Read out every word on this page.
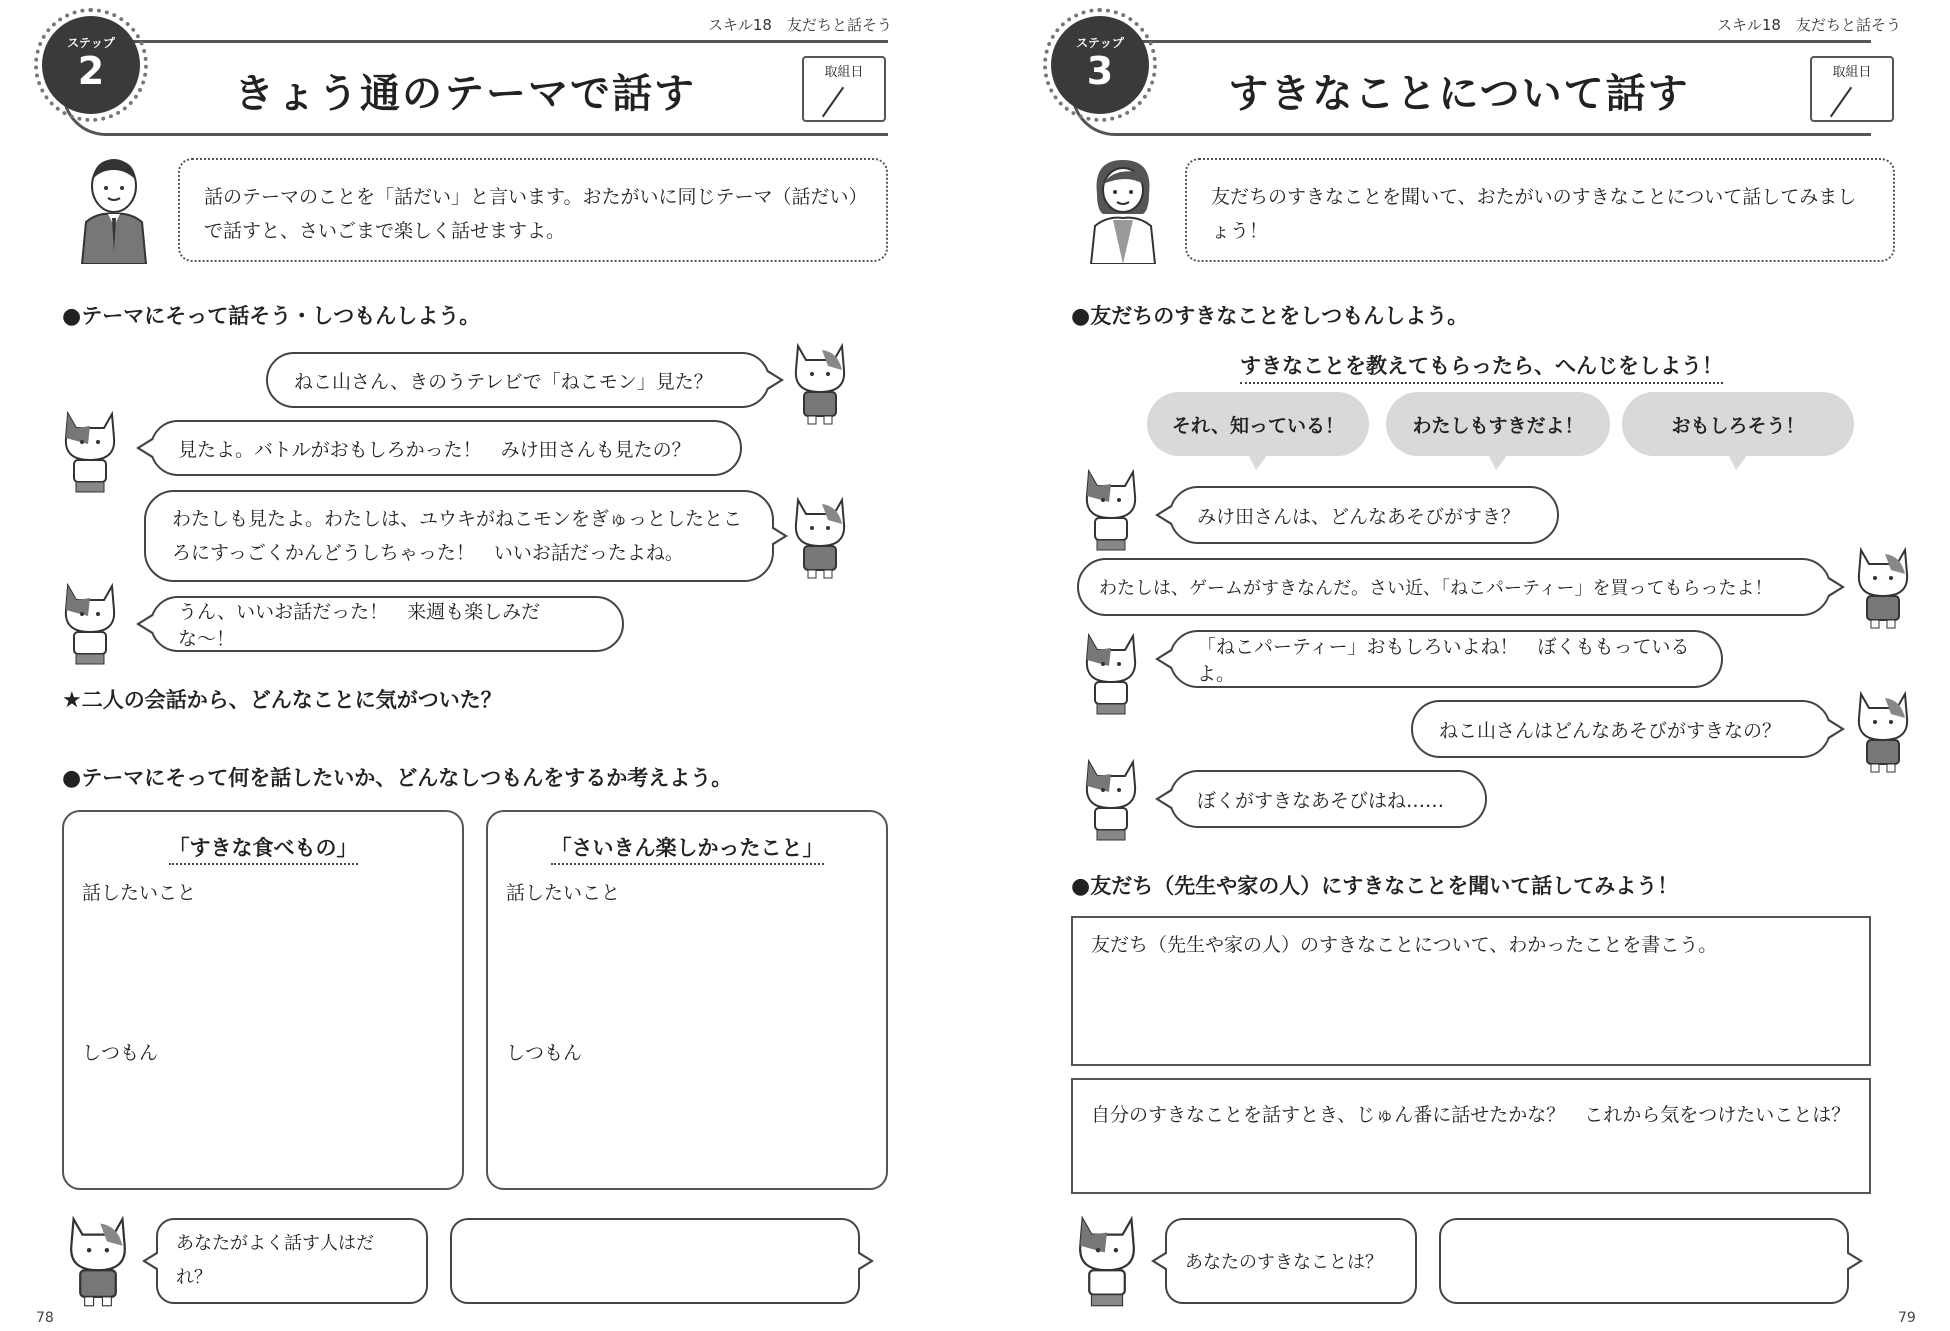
スキル18　友だちと話そう
ステップ
2	きょう通のテーマで話す	取組日
話のテーマのことを「話だい」と言います。おたがいに同じテーマ（話だい）で話すと、さいごまで楽しく話せますよ。
●テーマにそって話そう・しつもんしよう。
ねこ山さん、きのうテレビで「ねこモン」見た？
見たよ。バトルがおもしろかった！　みけ田さんも見たの？
わたしも見たよ。わたしは、ユウキがねこモンをぎゅっとしたところにすっごくかんどうしちゃった！　いいお話だったよね。
うん、いいお話だった！　来週も楽しみだな〜！
★二人の会話から、どんなことに気がついた？
●テーマにそって何を話したいか、どんなしつもんをするか考えよう。
「すきな食べもの」
話したいこと
しつもん
「さいきん楽しかったこと」
話したいこと
しつもん
あなたがよく話す人はだれ？
78
スキル18　友だちと話そう
ステップ
3	すきなことについて話す	取組日
友だちのすきなことを聞いて、おたがいのすきなことについて話してみましょう！
●友だちのすきなことをしつもんしよう。
すきなことを教えてもらったら、へんじをしよう！
それ、知っている！	わたしもすきだよ！	おもしろそう！
みけ田さんは、どんなあそびがすき？
わたしは、ゲームがすきなんだ。さい近、「ねこパーティー」を買ってもらったよ！
「ねこパーティー」おもしろいよね！　ぼくももっているよ。
ねこ山さんはどんなあそびがすきなの？
ぼくがすきなあそびはね……
●友だち（先生や家の人）にすきなことを聞いて話してみよう！
友だち（先生や家の人）のすきなことについて、わかったことを書こう。
自分のすきなことを話すとき、じゅん番に話せたかな？　これから気をつけたいことは？
あなたのすきなことは？
79
